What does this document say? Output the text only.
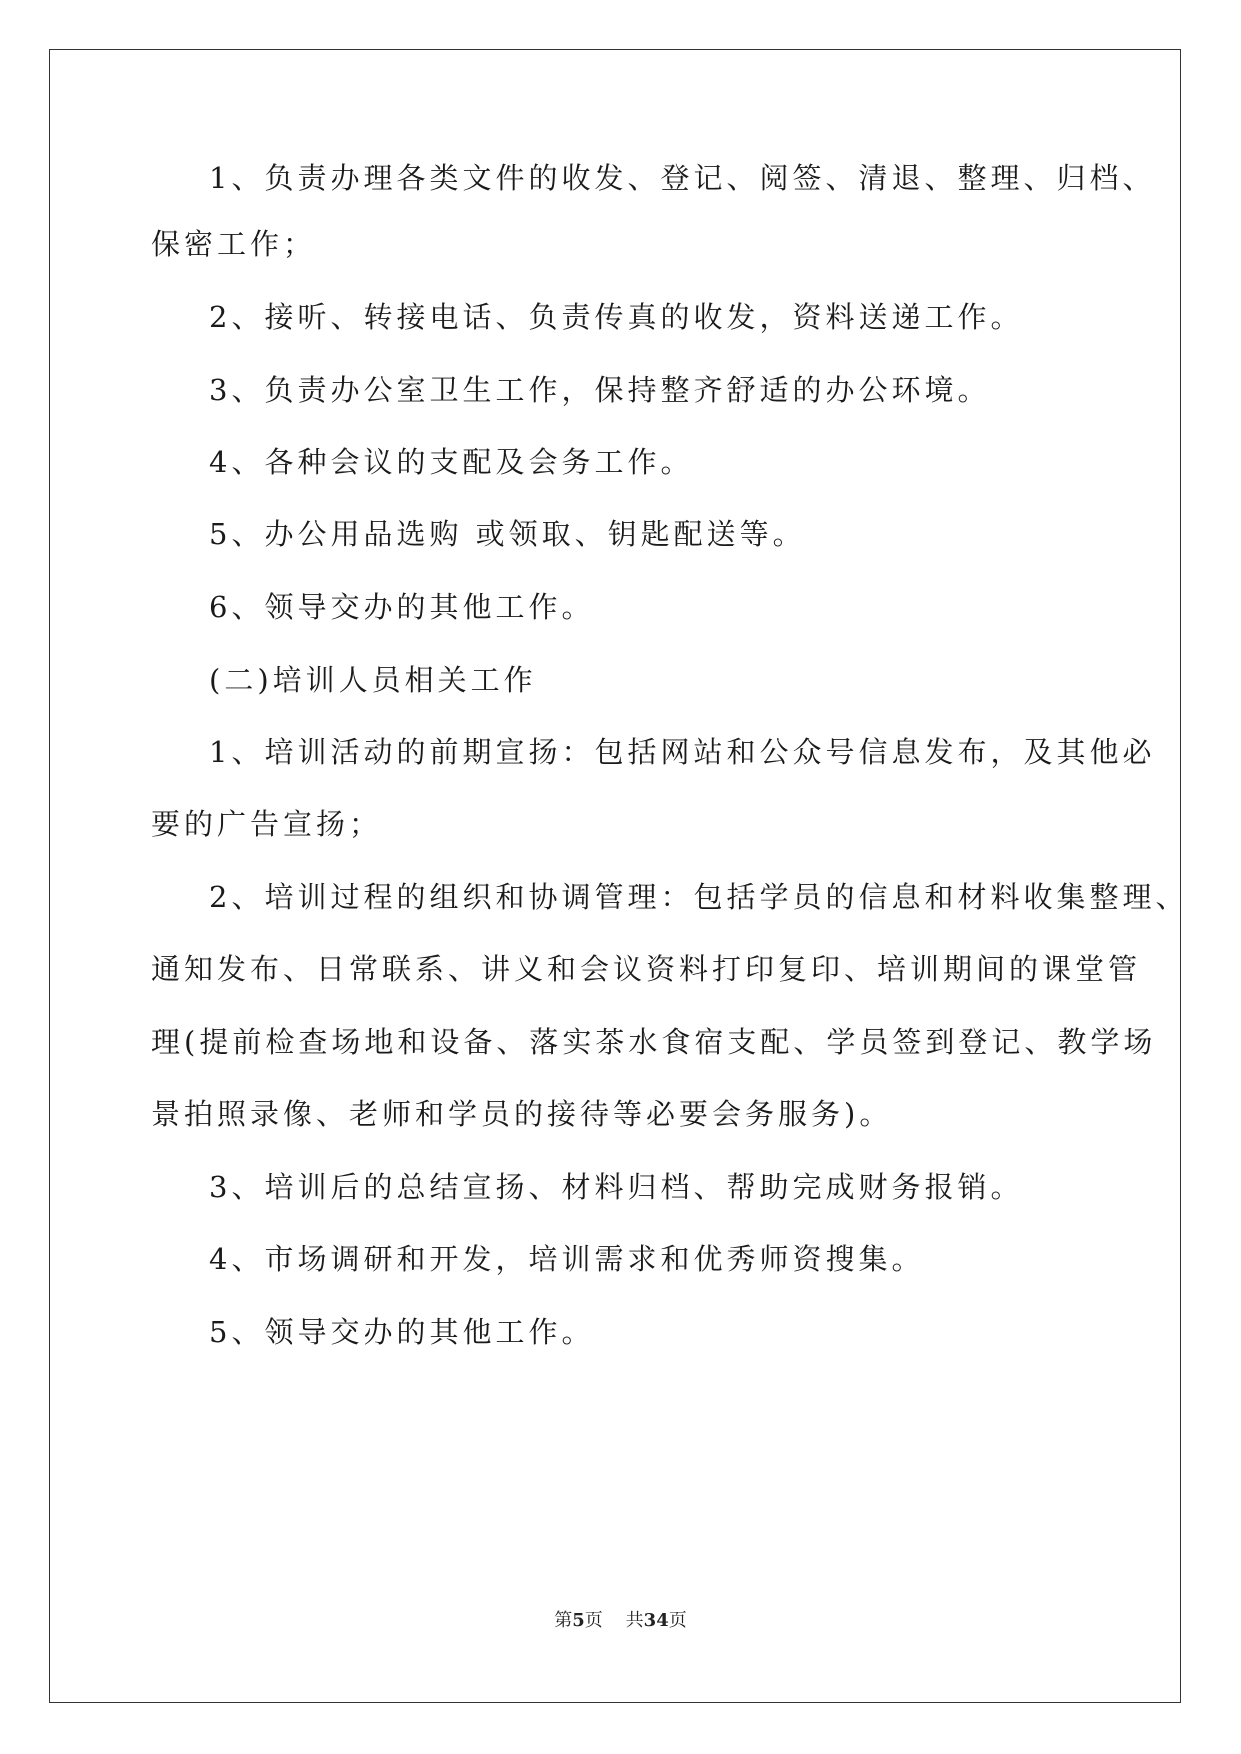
1、负责办理各类文件的收发、登记、阅签、清退、整理、归档、
保密工作；
2、接听、转接电话、负责传真的收发，资料送递工作。
3、负责办公室卫生工作，保持整齐舒适的办公环境。
4、各种会议的支配及会务工作。
5、办公用品选购 或领取、钥匙配送等。
6、领导交办的其他工作。
(二)培训人员相关工作
1、培训活动的前期宣扬：包括网站和公众号信息发布，及其他必
要的广告宣扬；
2、培训过程的组织和协调管理：包括学员的信息和材料收集整理、
通知发布、日常联系、讲义和会议资料打印复印、培训期间的课堂管
理(提前检查场地和设备、落实茶水食宿支配、学员签到登记、教学场
景拍照录像、老师和学员的接待等必要会务服务)。
3、培训后的总结宣扬、材料归档、帮助完成财务报销。
4、市场调研和开发，培训需求和优秀师资搜集。
5、领导交办的其他工作。
第5页 共34页
